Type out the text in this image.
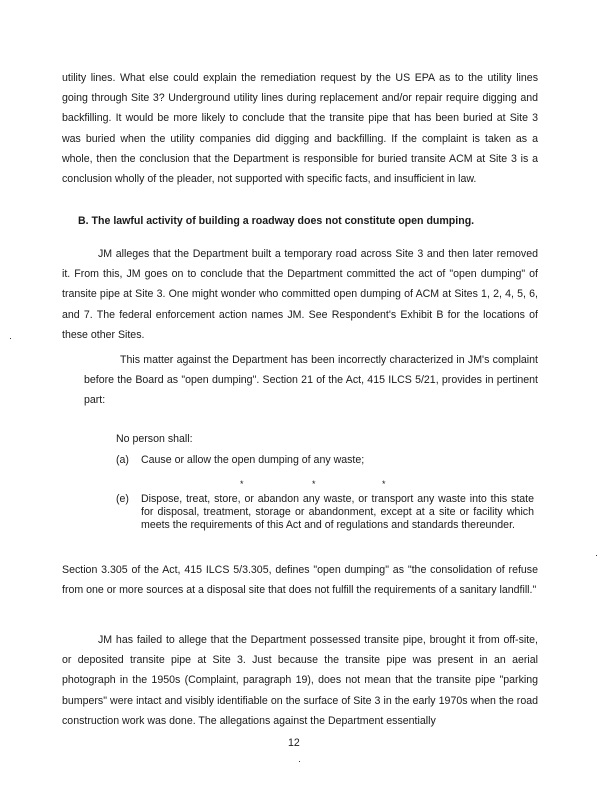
utility lines. What else could explain the remediation request by the US EPA as to the utility lines going through Site 3? Underground utility lines during replacement and/or repair require digging and backfilling. It would be more likely to conclude that the transite pipe that has been buried at Site 3 was buried when the utility companies did digging and backfilling. If the complaint is taken as a whole, then the conclusion that the Department is responsible for buried transite ACM at Site 3 is a conclusion wholly of the pleader, not supported with specific facts, and insufficient in law.

B. The lawful activity of building a roadway does not constitute open dumping.

JM alleges that the Department built a temporary road across Site 3 and then later removed it. From this, JM goes on to conclude that the Department committed the act of "open dumping" of transite pipe at Site 3. One might wonder who committed open dumping of ACM at Sites 1, 2, 4, 5, 6, and 7. The federal enforcement action names JM. See Respondent's Exhibit B for the locations of these other Sites.

This matter against the Department has been incorrectly characterized in JM's complaint before the Board as "open dumping". Section 21 of the Act, 415 ILCS 5/21, provides in pertinent part:

No person shall:

(a)	Cause or allow the open dumping of any waste;
*	*	*
(e)	Dispose, treat, store, or abandon any waste, or transport any waste into this state for disposal, treatment, storage or abandonment, except at a site or facility which meets the requirements of this Act and of regulations and standards thereunder.

Section 3.305 of the Act, 415 ILCS 5/3.305, defines "open dumping" as "the consolidation of refuse from one or more sources at a disposal site that does not fulfill the requirements of a sanitary landfill."

JM has failed to allege that the Department possessed transite pipe, brought it from off-site, or deposited transite pipe at Site 3. Just because the transite pipe was present in an aerial photograph in the 1950s (Complaint, paragraph 19), does not mean that the transite pipe "parking bumpers" were intact and visibly identifiable on the surface of Site 3 in the early 1970s when the road construction work was done. The allegations against the Department essentially

12
